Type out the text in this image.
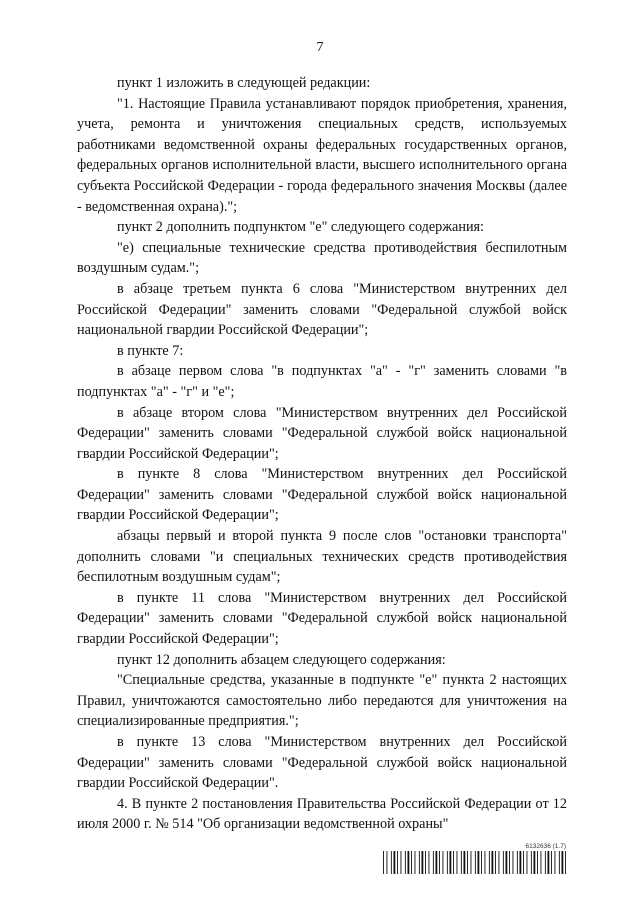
7

пункт 1 изложить в следующей редакции:

"1. Настоящие Правила устанавливают порядок приобретения, хранения, учета, ремонта и уничтожения специальных средств, используемых работниками ведомственной охраны федеральных государственных органов, федеральных органов исполнительной власти, высшего исполнительного органа субъекта Российской Федерации - города федерального значения Москвы (далее - ведомственная охрана).";

пункт 2 дополнить подпунктом "е" следующего содержания:

"е) специальные технические средства противодействия беспилотным воздушным судам.";

в абзаце третьем пункта 6 слова "Министерством внутренних дел Российской Федерации" заменить словами "Федеральной службой войск национальной гвардии Российской Федерации";

в пункте 7:

в абзаце первом слова "в подпунктах "а" - "г" заменить словами "в подпунктах "а" - "г" и "е";

в абзаце втором слова "Министерством внутренних дел Российской Федерации" заменить словами "Федеральной службой войск национальной гвардии Российской Федерации";

в пункте 8 слова "Министерством внутренних дел Российской Федерации" заменить словами "Федеральной службой войск национальной гвардии Российской Федерации";

абзацы первый и второй пункта 9 после слов "остановки транспорта" дополнить словами "и специальных технических средств противодействия беспилотным воздушным судам";

в пункте 11 слова "Министерством внутренних дел Российской Федерации" заменить словами "Федеральной службой войск национальной гвардии Российской Федерации";

пункт 12 дополнить абзацем следующего содержания:

"Специальные средства, указанные в подпункте "е" пункта 2 настоящих Правил, уничтожаются самостоятельно либо передаются для уничтожения на специализированные предприятия.";

в пункте 13 слова "Министерством внутренних дел Российской Федерации" заменить словами "Федеральной службой войск национальной гвардии Российской Федерации".

4. В пункте 2 постановления Правительства Российской Федерации от 12 июля 2000 г. № 514 "Об организации ведомственной охраны"

6132636 (1.7)
